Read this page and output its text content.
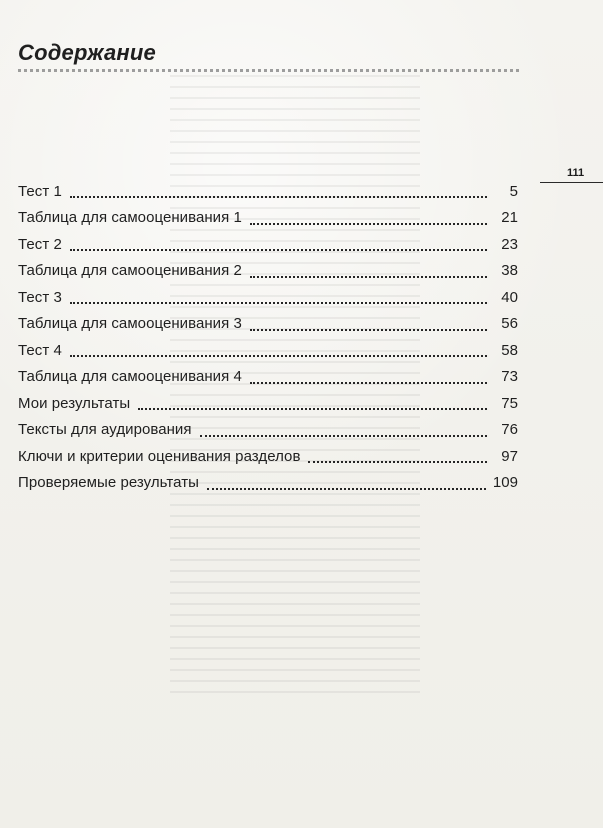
Содержание
111
Тест 1	5
Таблица для самооценивания 1	21
Тест 2	23
Таблица для самооценивания 2	38
Тест 3	40
Таблица для самооценивания 3	56
Тест 4	58
Таблица для самооценивания 4	73
Мои результаты	75
Тексты для аудирования	76
Ключи и критерии оценивания разделов	97
Проверяемые результаты	109
